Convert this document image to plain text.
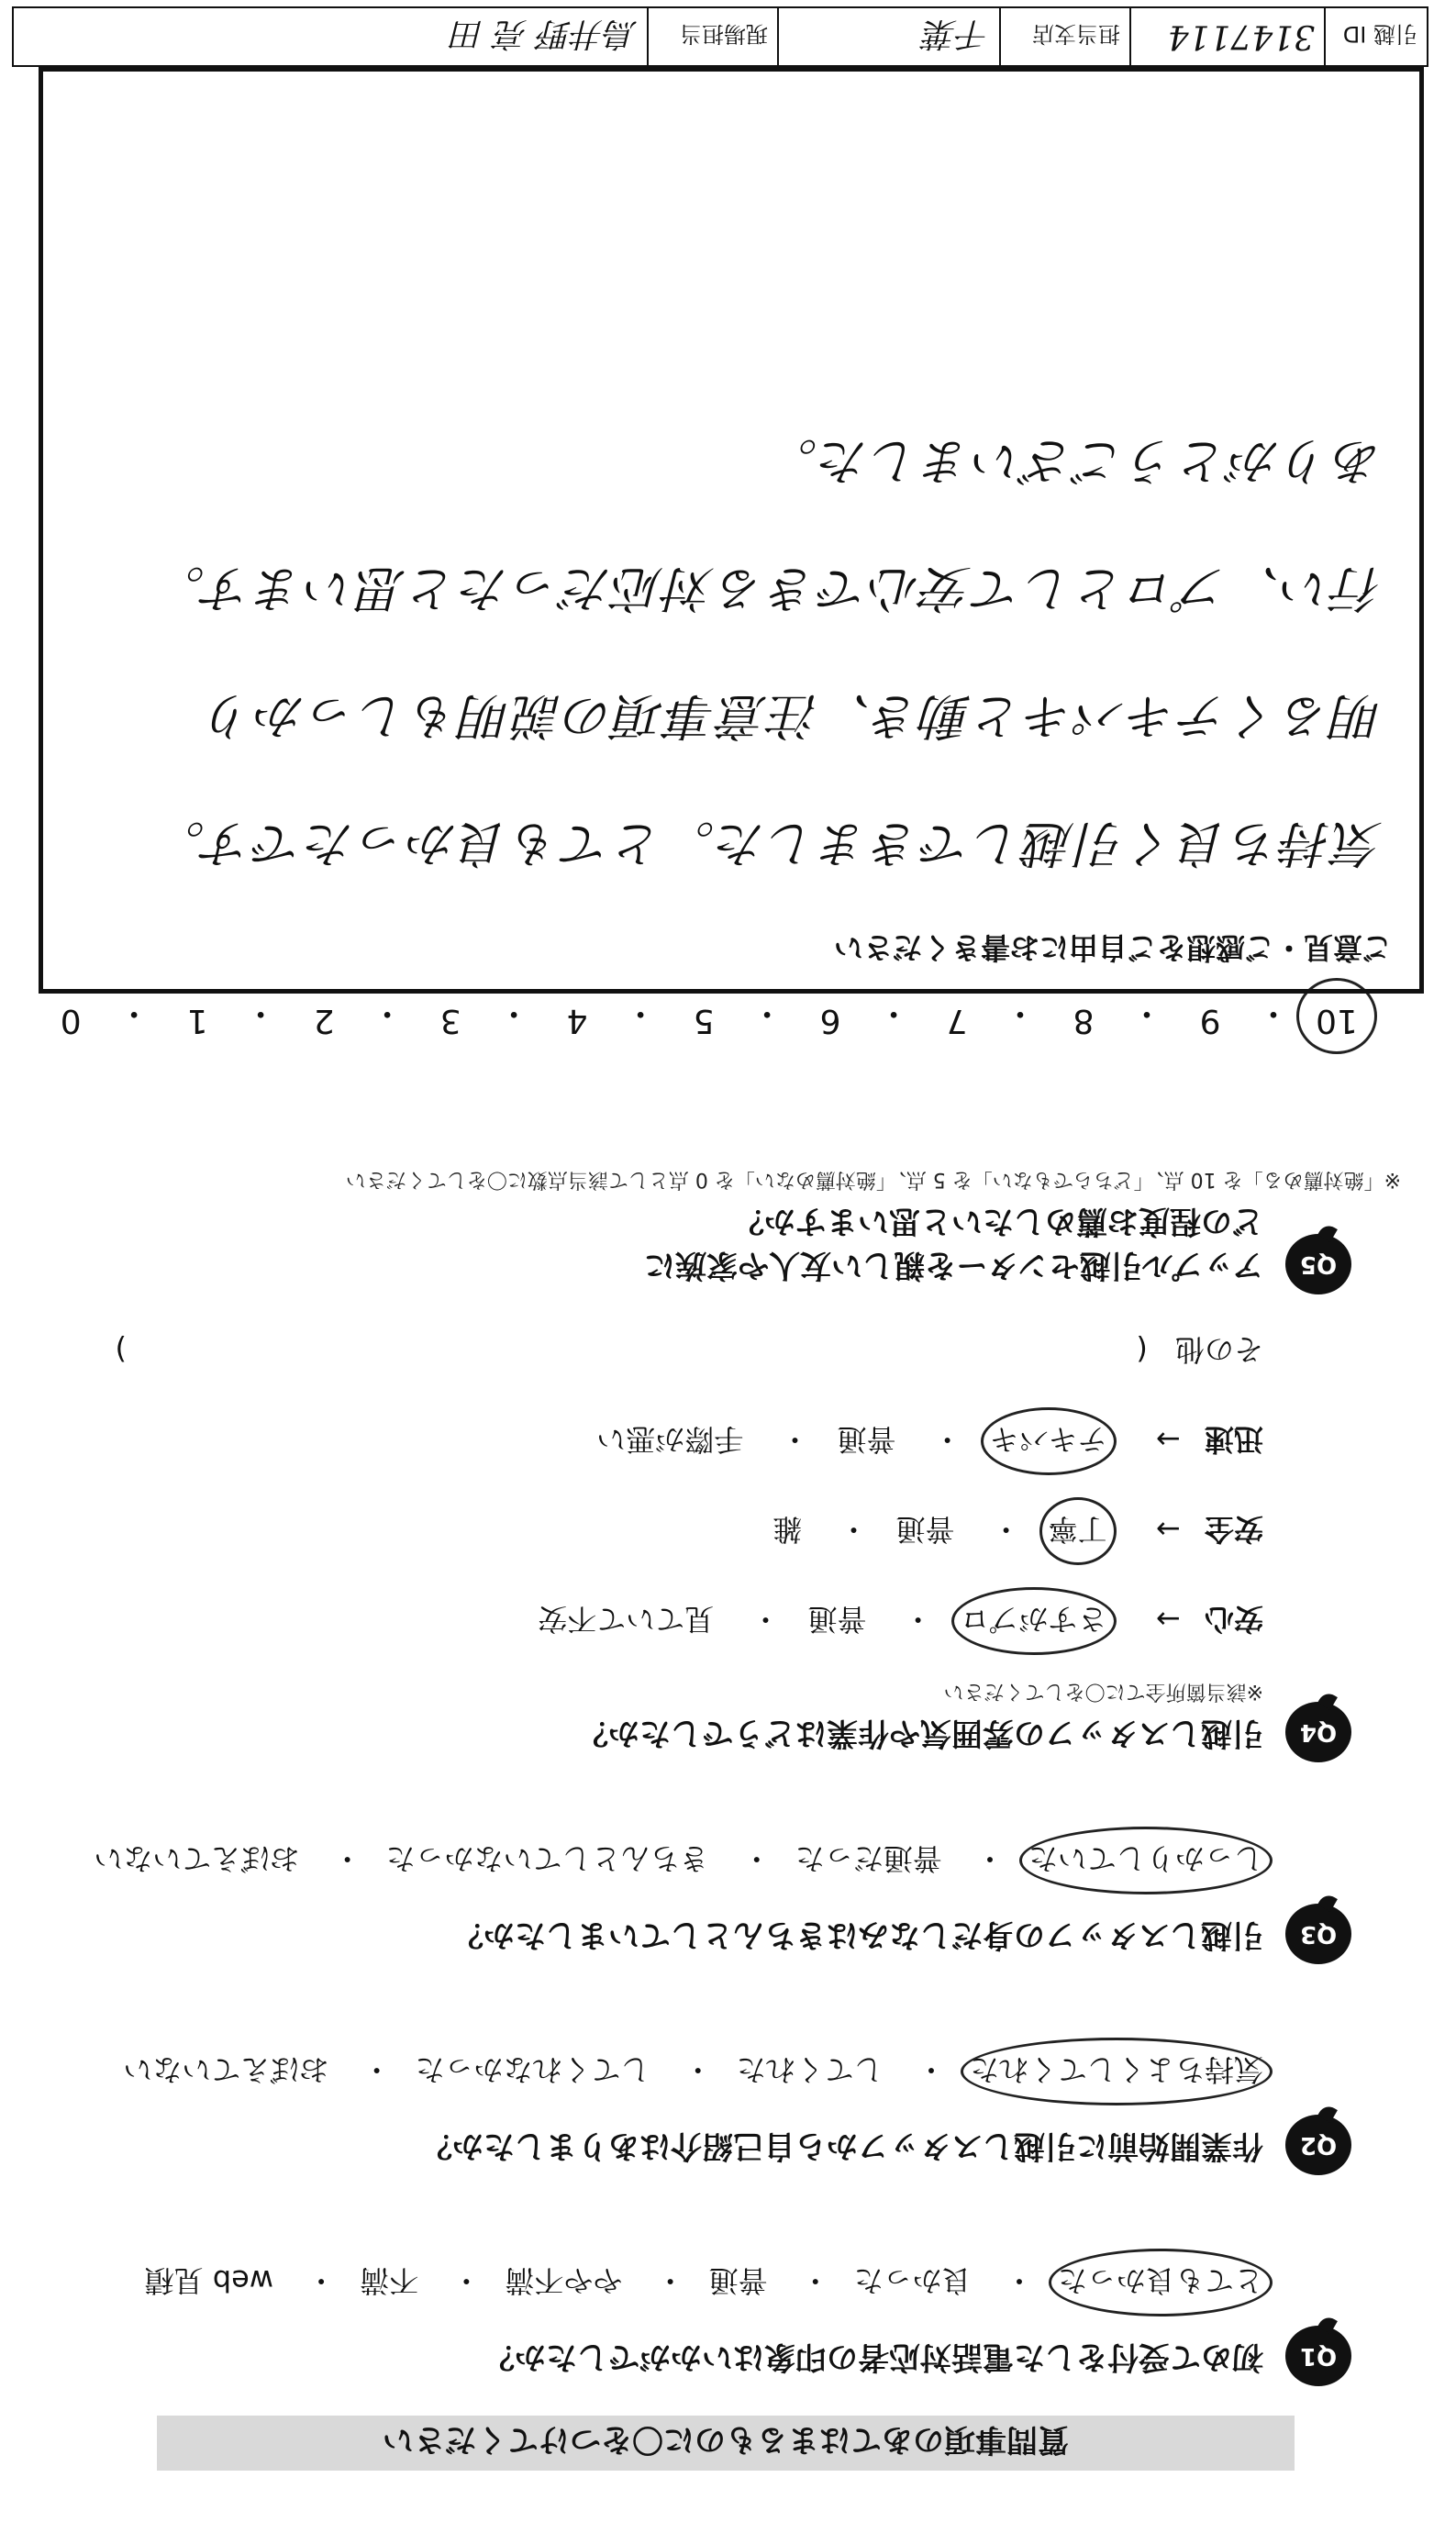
質問事項のあてはまるものに〇をつけてください
Q1
初めて受付をした電話対応者の印象はいかがでしたか？
とても良かった・ 良かった・ 普通・ やや不満・ 不満・ web 見積
Q2
作業開始前に引越しスタッフから自己紹介はありましたか？
気持ちよくしてくれた・ してくれた・ してくれなかった・ おぼえていない
Q3
引越しスタッフの身だしなみはきちんとしていましたか？
しっかりしていた・ 普通だった・ きちんとしていなかった・ おぼえていない
Q4
引越しスタッフの雰囲気や作業はどうでしたか？
※該当箇所全てに〇をしてください
安心 → さすがプロ・ 普通・ 見ていて不安
安全 → 丁寧・ 普通・ 雑
迅速 → テキパキ・ 普通・ 手際が悪い
その他 (  )
Q5
アップル引越センターを親しい友人や家族に
どの程度お薦めしたいと思いますか？
※「絶対薦める」を 10 点、「どちらでもない」を 5 点、「絶対薦めない」を 0 点として該当点数に〇をしてください
10
・
9
・
8
・
7
・
6
・
5
・
4
・
3
・
2
・
1
・
0
ご意見・ご感想をご自由にお書きください
気持ち良く引越しできました。とても良かったです。
明るくテキパキと動き、注意事項の説明もしっかり
行い、プロとして安心できる対応だったと思います。
ありがとうございました。
引越 ID
3147114
担当支店
千葉
現場担当
鳥井野 亮 田
